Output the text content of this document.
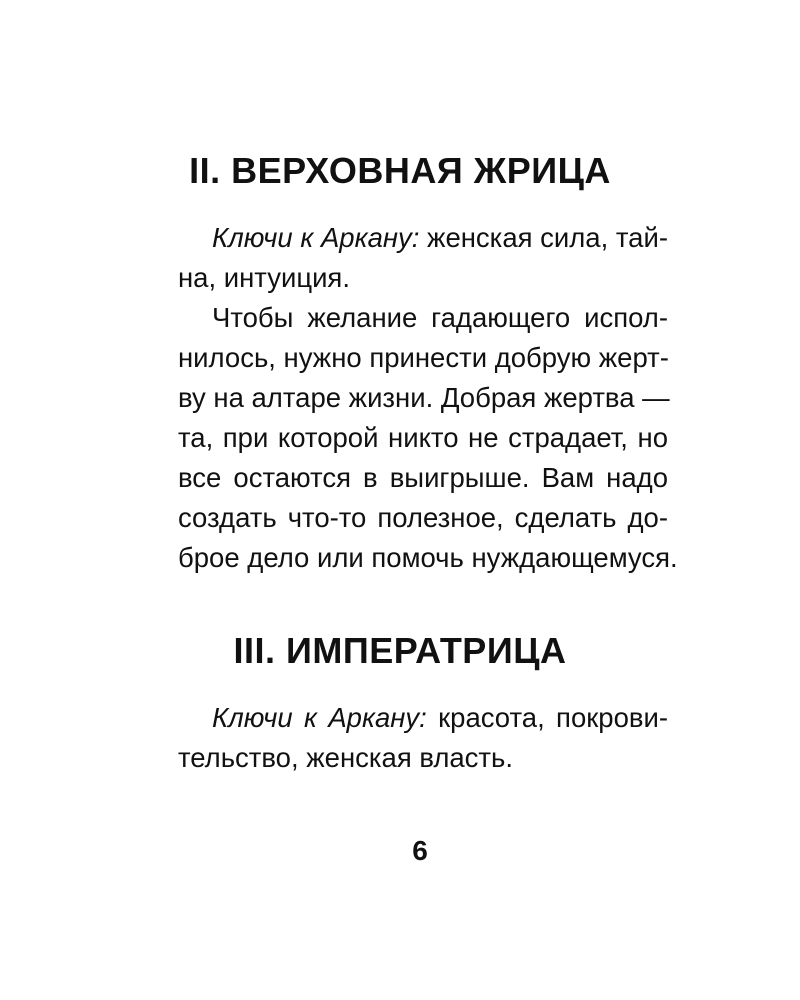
II. ВЕРХОВНАЯ ЖРИЦА

Ключи к Аркану: женская сила, тай-

на, интуиция.

Чтобы желание гадающего испол-

нилось, нужно принести добрую жерт-

ву на алтаре жизни. Добрая жертва —

та, при которой никто не страдает, но

все остаются в выигрыше. Вам надо

создать что-то полезное, сделать до-

брое дело или помочь нуждающемуся.

III. ИМПЕРАТРИЦА

Ключи к Аркану: красота, покрови-

тельство, женская власть.

6
